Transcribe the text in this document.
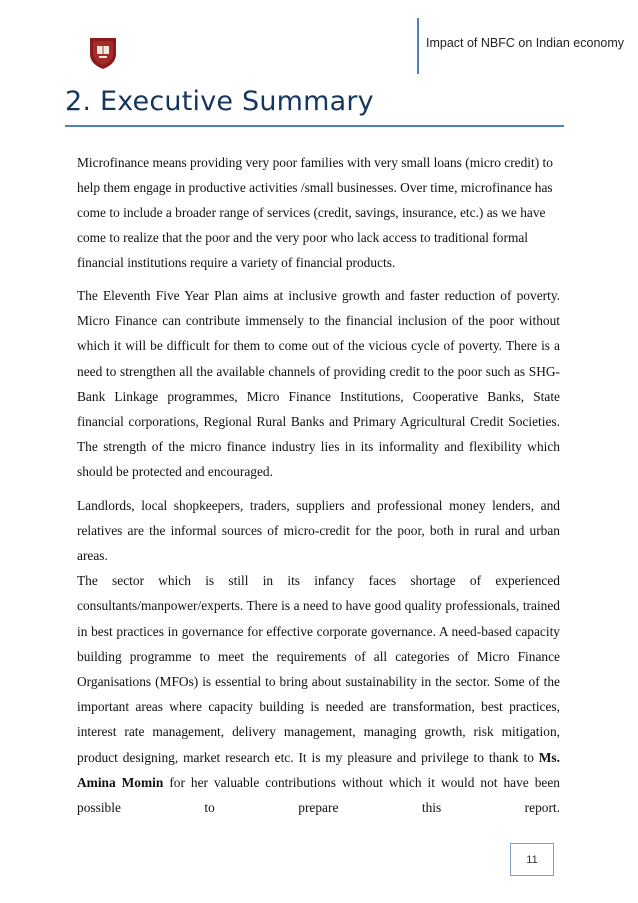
Impact of NBFC on Indian economy
2. Executive Summary

Microfinance means providing very poor families with very small loans (micro credit) to help them engage in productive activities /small businesses. Over time, microfinance has come to include a broader range of services (credit, savings, insurance, etc.) as we have come to realize that the poor and the very poor who lack access to traditional formal financial institutions require a variety of financial products.

The Eleventh Five Year Plan aims at inclusive growth and faster reduction of poverty. Micro Finance can contribute immensely to the financial inclusion of the poor without which it will be difficult for them to come out of the vicious cycle of poverty. There is a need to strengthen all the available channels of providing credit to the poor such as SHG- Bank Linkage programmes, Micro Finance Institutions, Cooperative Banks, State financial corporations, Regional Rural Banks and Primary Agricultural Credit Societies. The strength of the micro finance industry lies in its informality and flexibility which should be protected and encouraged.

Landlords, local shopkeepers, traders, suppliers and professional money lenders, and relatives are the informal sources of micro-credit for the poor, both in rural and urban areas.

The sector which is still in its infancy faces shortage of experienced consultants/manpower/experts. There is a need to have good quality professionals, trained in best practices in governance for effective corporate governance. A need-based capacity building programme to meet the requirements of all categories of Micro Finance Organisations (MFOs) is essential to bring about sustainability in the sector. Some of the important areas where capacity building is needed are transformation, best practices, interest rate management, delivery management, managing growth, risk mitigation, product designing, market research etc. It is my pleasure and privilege to thank to Ms. Amina Momin for her valuable contributions without which it would not have been possible to prepare this report.

11
